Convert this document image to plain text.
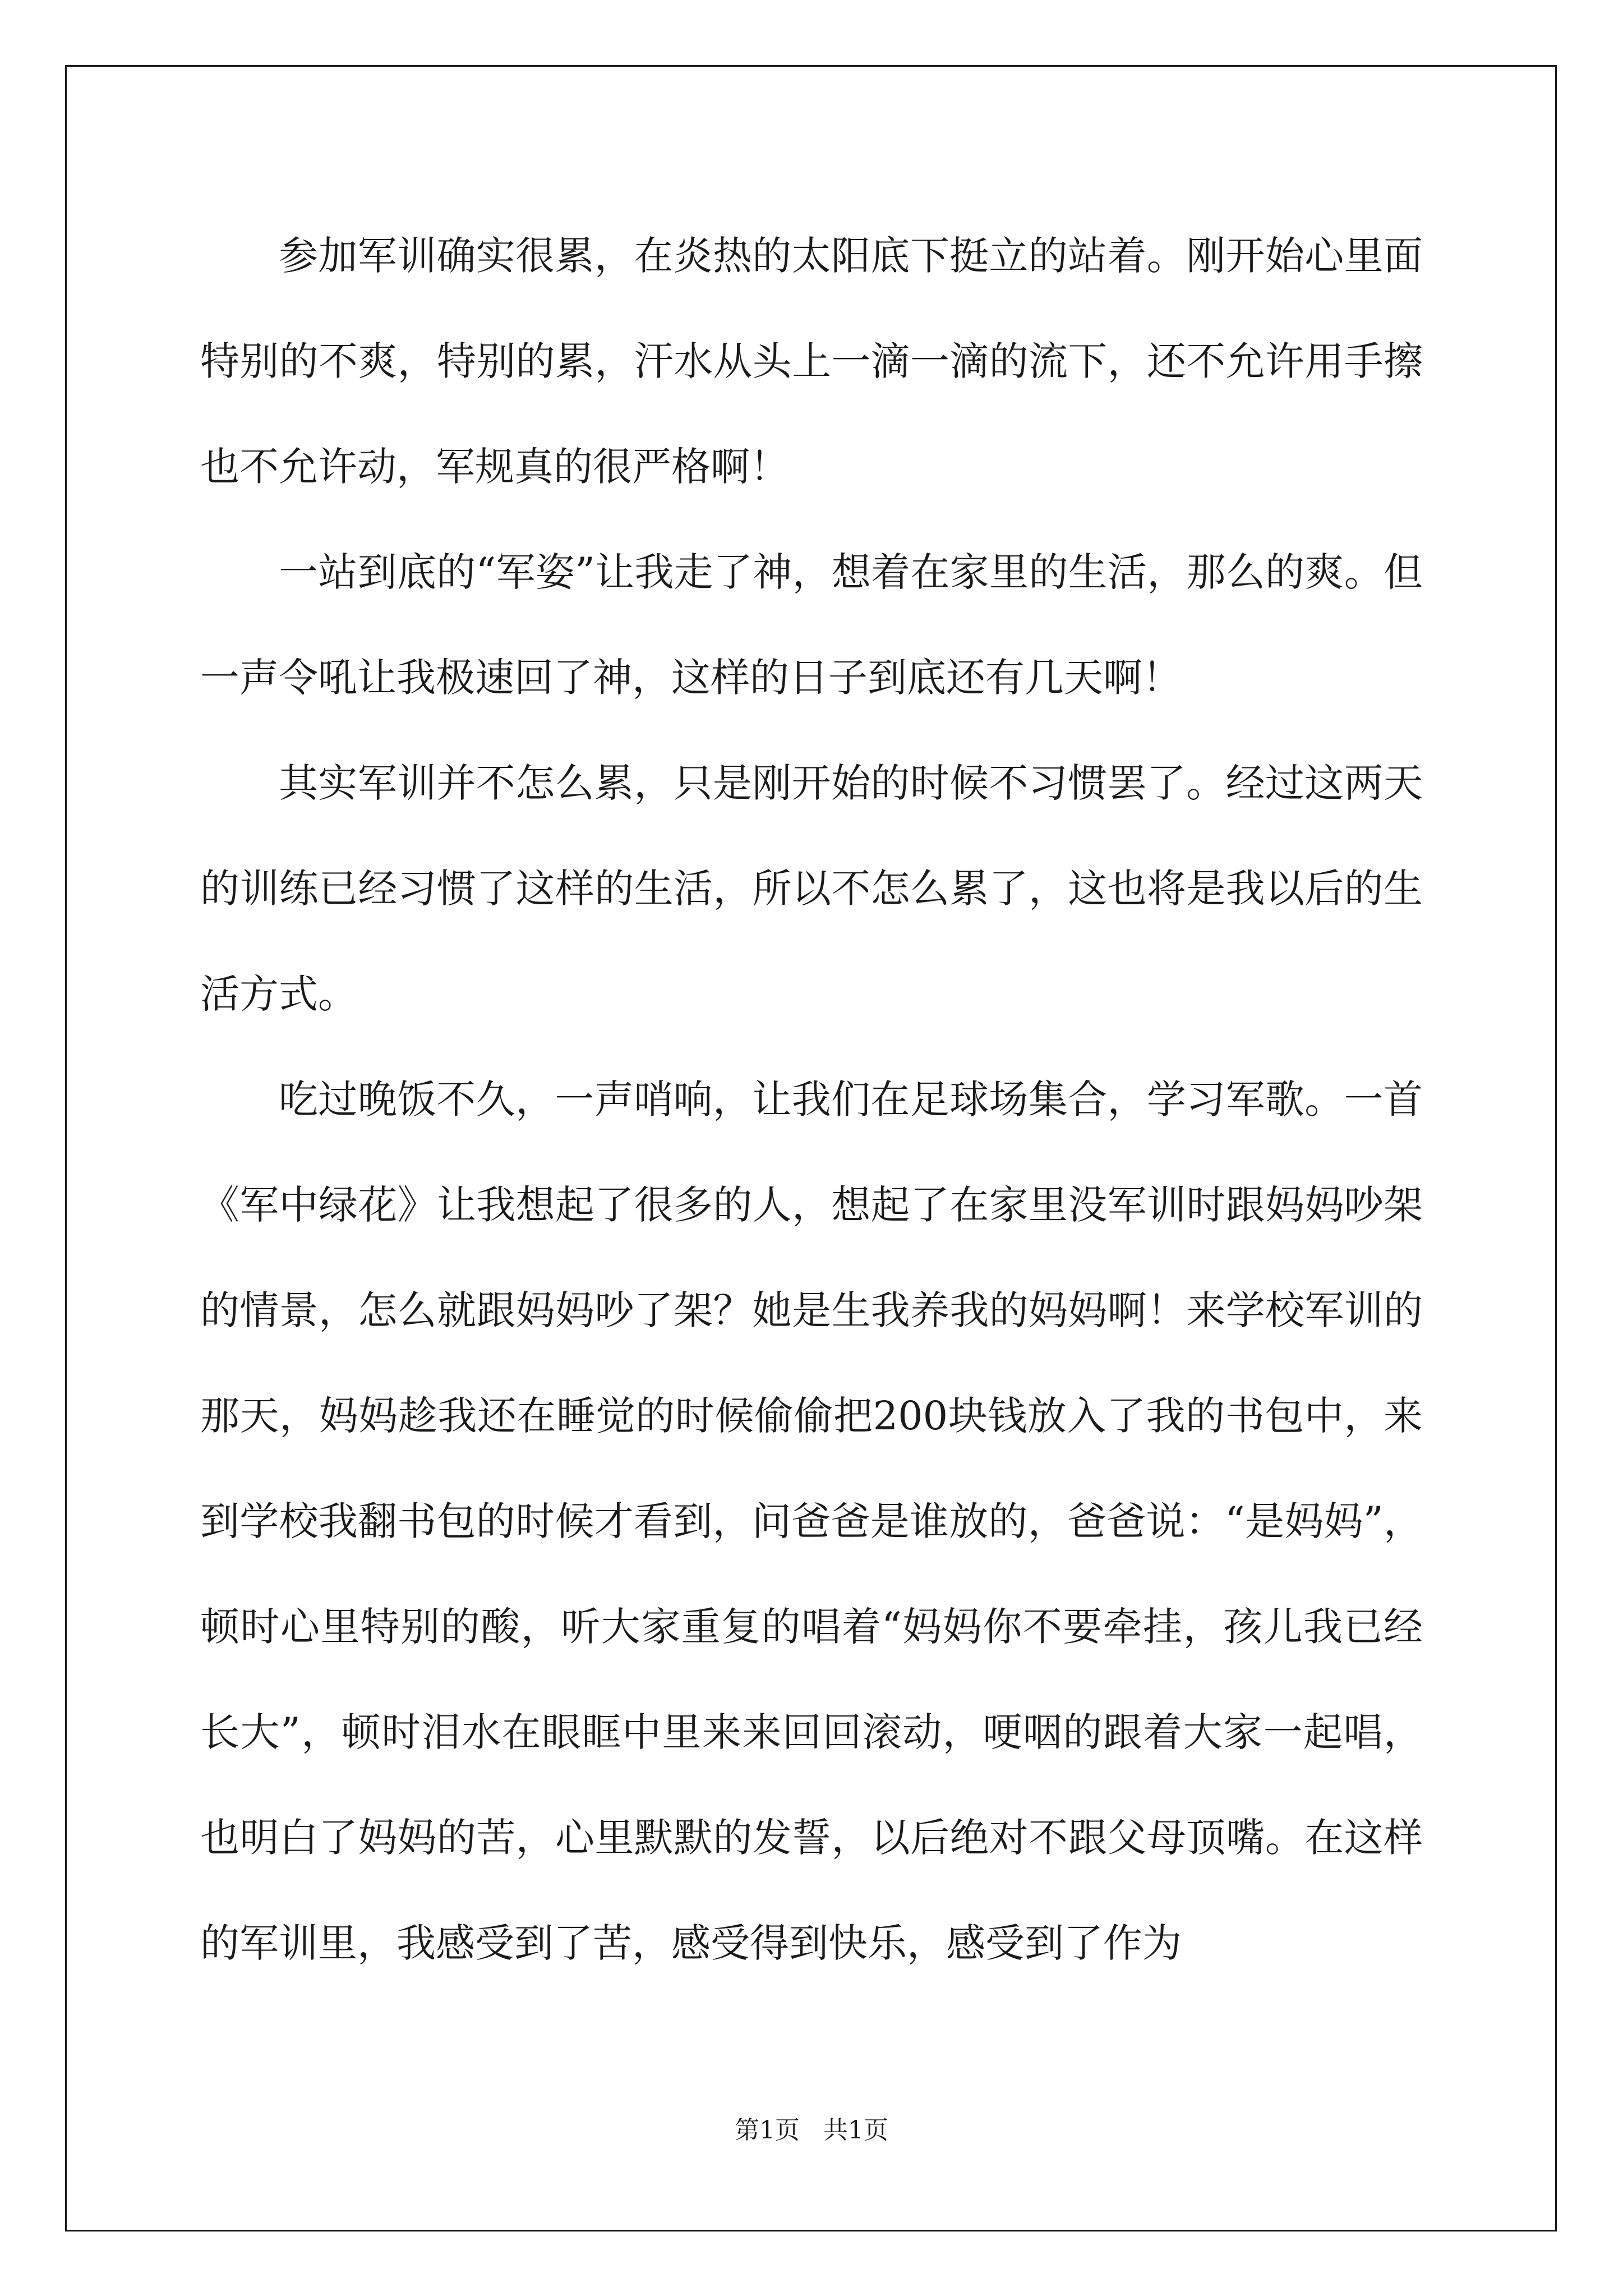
参加军训确实很累，在炎热的太阳底下挺立的站着。刚开始心里面特别的不爽，特别的累，汗水从头上一滴一滴的流下，还不允许用手擦也不允许动，军规真的很严格啊！

一站到底的“军姿”让我走了神，想着在家里的生活，那么的爽。但一声令吼让我极速回了神，这样的日子到底还有几天啊！

其实军训并不怎么累，只是刚开始的时候不习惯罢了。经过这两天的训练已经习惯了这样的生活，所以不怎么累了，这也将是我以后的生活方式。

吃过晚饭不久，一声哨响，让我们在足球场集合，学习军歌。一首《军中绿花》让我想起了很多的人，想起了在家里没军训时跟妈妈吵架的情景，怎么就跟妈妈吵了架？她是生我养我的妈妈啊！来学校军训的那天，妈妈趁我还在睡觉的时候偷偷把200块钱放入了我的书包中，来到学校我翻书包的时候才看到，问爸爸是谁放的，爸爸说：“是妈妈”，顿时心里特别的酸，听大家重复的唱着“妈妈你不要牵挂，孩儿我已经长大”，顿时泪水在眼眶中里来来回回滚动，哽咽的跟着大家一起唱，也明白了妈妈的苦，心里默默的发誓，以后绝对不跟父母顶嘴。在这样的军训里，我感受到了苦，感受得到快乐，感受到了作为

第1页   共1页
